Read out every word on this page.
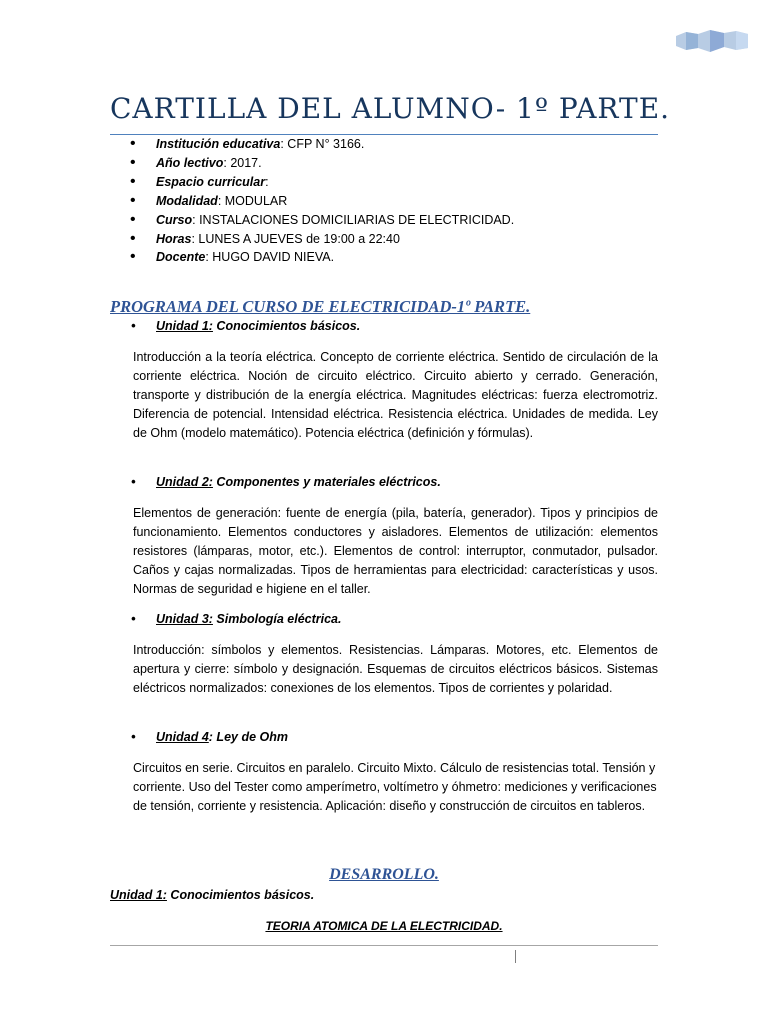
CARTILLA DEL ALUMNO- 1º PARTE.
• Institución educativa: CFP N° 3166.
• Año lectivo: 2017.
• Espacio curricular:
• Modalidad: MODULAR
• Curso: INSTALACIONES DOMICILIARIAS DE ELECTRICIDAD.
• Horas: LUNES A JUEVES de 19:00 a 22:40
• Docente: HUGO DAVID NIEVA.
PROGRAMA DEL CURSO DE ELECTRICIDAD-1º PARTE.
• Unidad 1: Conocimientos básicos.

Introducción a la teoría eléctrica. Concepto de corriente eléctrica. Sentido de circulación de la corriente eléctrica. Noción de circuito eléctrico. Circuito abierto y cerrado. Generación, transporte y distribución de la energía eléctrica. Magnitudes eléctricas: fuerza electromotriz. Diferencia de potencial. Intensidad eléctrica. Resistencia eléctrica. Unidades de medida. Ley de Ohm (modelo matemático). Potencia eléctrica (definición y fórmulas).

• Unidad 2: Componentes y materiales eléctricos.

Elementos de generación: fuente de energía (pila, batería, generador). Tipos y principios de funcionamiento. Elementos conductores y aisladores. Elementos de utilización: elementos resistores (lámparas, motor, etc.). Elementos de control: interruptor, conmutador, pulsador. Caños y cajas normalizadas. Tipos de herramientas para electricidad: características y usos. Normas de seguridad e higiene en el taller.

• Unidad 3: Simbología eléctrica.

Introducción: símbolos y elementos. Resistencias. Lámparas. Motores, etc. Elementos de apertura y cierre: símbolo y designación. Esquemas de circuitos eléctricos básicos. Sistemas eléctricos normalizados: conexiones de los elementos. Tipos de corrientes y polaridad.

• Unidad 4: Ley de Ohm

Circuitos en serie. Circuitos en paralelo. Circuito Mixto. Cálculo de resistencias total. Tensión y corriente. Uso del Tester como amperímetro, voltímetro y óhmetro: mediciones y verificaciones de tensión, corriente y resistencia. Aplicación: diseño y construcción de circuitos en tableros.

DESARROLLO.
Unidad 1: Conocimientos básicos.
TEORIA ATOMICA DE LA ELECTRICIDAD.
